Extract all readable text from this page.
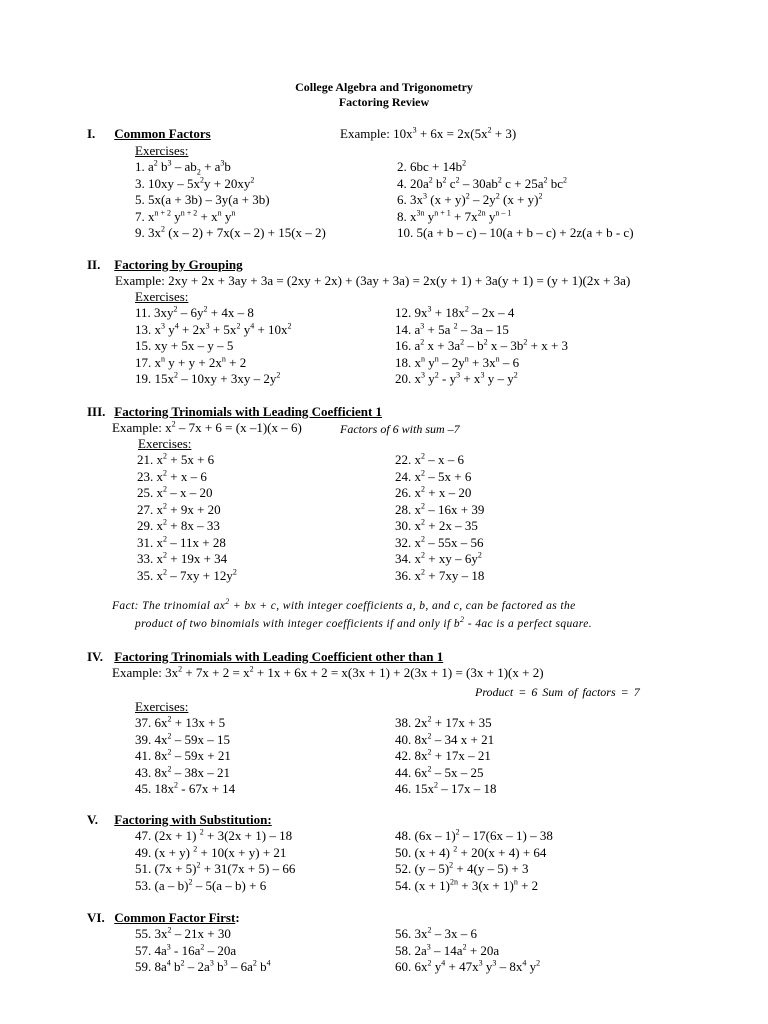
College Algebra and Trigonometry
Factoring Review
I. Common Factors	Example: $10x^3 + 6x = 2x(5x^2 + 3)$
Exercises:
1. $a^2$ $b^3 - ab_2 + a^3b$	2. $6bc + 14b^2$
3. $10xy - 5x^2y + 20xy^2$	4. $20a^2$ $b^2$ $c^2 - 30ab^2$ $c + 25a^2$ $bc^2$
5. 5x(a + 3b) – 3y(a + 3b)	6. $3x^3$ $(x + y)^2 - 2y^2$ $(x + y)^2$
7. $x^{n + 2}$ $y^{n + 2} + x^n$ $y^n$	8. $x^{3n}$ $y^{n + 1} + 7x^{2n}$ $y^{n - 1}$
9. $3x^2$ (x – 2) + 7x(x – 2) + 15(x – 2)	10. 5(a + b – c) – 10(a + b – c) + 2z(a + b - c)
II. Factoring by Grouping
Example: 2xy + 2x + 3ay + 3a = (2xy + 2x) + (3ay + 3a) = 2x(y + 1) + 3a(y + 1) = (y + 1)(2x + 3a)
Exercises:
11. $3xy^2 - 6y^2 + 4x - 8$	12. $9x^3 + 18x^2 - 2x - 4$
13. $x^3$ $y^4 + 2x^3 + 5x^2$ $y^4 + 10x^2$	14. $a^3 + 5a$ $^2$ – 3a – 15
15. xy + 5x – y – 5	16. $a^2$ $x + 3a^2 - b^2$ $x - 3b^2 + x + 3$
17. $x^n$ $y + y + 2x^n + 2$	18. $x^n$ $y^n - 2y^n + 3x^n - 6$
19. $15x^2 - 10xy + 3xy - 2y^2$	20. $x^3$ $y^2 - y^3 + x^3$ y – $y^2$
III. Factoring Trinomials with Leading Coefficient 1
Example: $x^2 - 7x + 6 = (x$ –1)(x – 6)	Factors of 6 with sum –7
Exercises:
21. $x^2 + 5x + 6$	22. $x^2$ – x – 6
23. $x^2 + x - 6$	24. $x^2 - 5x + 6$
25. $x^2$ – x – 20	26. $x^2 + x - 20$
27. $x^2 + 9x + 20$	28. $x^2 - 16x + 39$
29. $x^2 + 8x - 33$	30. $x^2 + 2x - 35$
31. $x^2 - 11x + 28$	32. $x^2 - 55x - 56$
33. $x^2 + 19x + 34$	34. $x^2$ + xy – $6y^2$
35. $x^2 - 7xy + 12y^2$	36. $x^2 + 7xy - 18$
Fact: The trinomial $ax^2$ + bx + c, with integer coefficients a, b, and c, can be factored as the
product of two binomials with integer coefficients if and only if $b^2 - 4ac$ is a perfect square.
IV. Factoring Trinomials with Leading Coefficient other than 1
Example: $3x^2 + 7x + 2 = x^2 + 1x + 6x + 2 = x(3x + 1) + 2(3x + 1) = (3x + 1)(x + 2)$
Product = 6 Sum of factors = 7
Exercises:
37. $6x^2 + 13x + 5$	38. $2x^2 + 17x + 35$
39. $4x^2 - 59x - 15$	40. $8x^2 - 34$ x + 21
41. $8x^2 - 59x + 21$	42. $8x^2 + 17x - 21$
43. $8x^2 - 38x - 21$	44. $6x^2 - 5x - 25$
45. $18x^2 - 67x + 14$	46. $15x^2 - 17x - 18$
V. Factoring with Substitution:
47. (2x + 1) $^2$ + 3(2x + 1) – 18	48. (6x – 1)$^2$ – 17(6x – 1) – 38
49. (x + y) $^2$ + 10(x + y) + 21	50. (x + 4) $^2$ + 20(x + 4) + 64
51. $(7x + 5)^2 + 31(7x + 5) - 66$	52. (y – 5)$^2$ + 4(y – 5) + 3
53. (a – b)$^2$ – 5(a – b) + 6	54. $(x + 1)^{2n} + 3(x + 1)^n + 2$
VI. Common Factor First:
55. $3x^2 - 21x + 30$	56. $3x^2 - 3x - 6$
57. $4a^3 - 16a^2 - 20a$	58. $2a^3 - 14a^2 + 20a$
59. $8a^4$ $b^2 - 2a^3$ $b^3 - 6a^2$ $b^4$	60. $6x^2$ $y^4 + 47x^3$ $y^3 - 8x^4$ $y^2$
